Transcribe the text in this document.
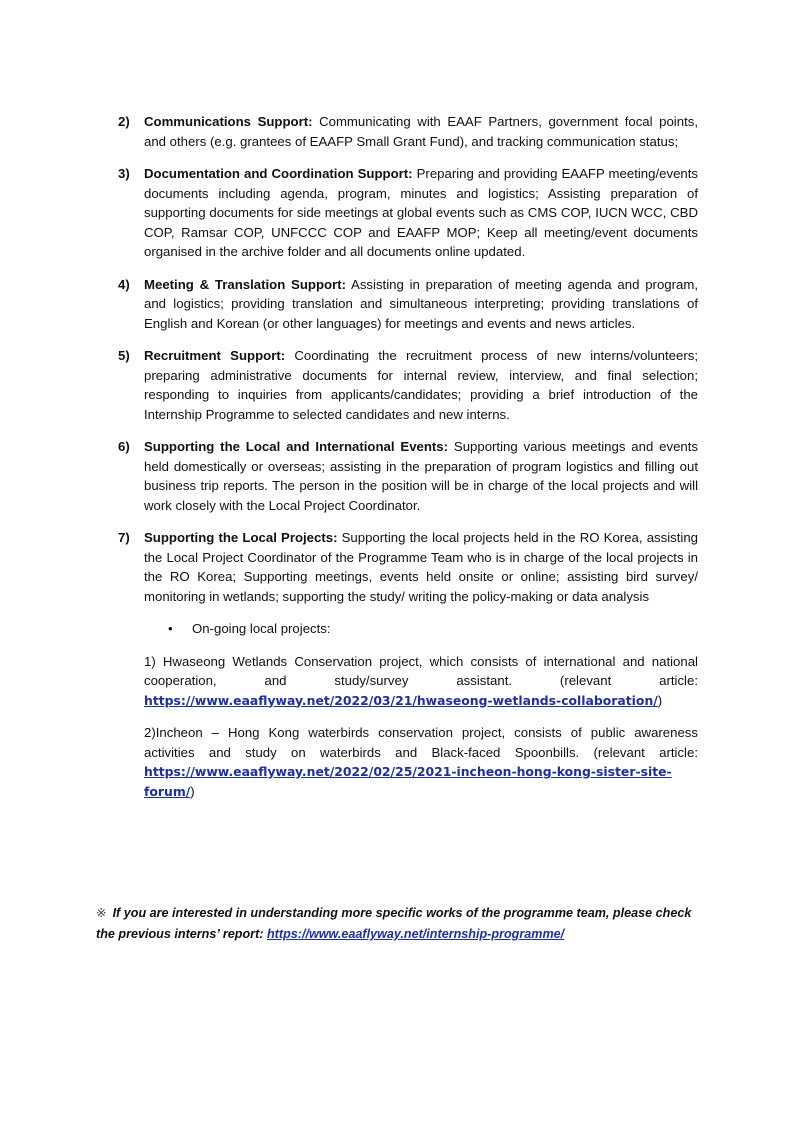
2) Communications Support: Communicating with EAAF Partners, government focal points, and others (e.g. grantees of EAAFP Small Grant Fund), and tracking communication status;
3) Documentation and Coordination Support: Preparing and providing EAAFP meeting/events documents including agenda, program, minutes and logistics; Assisting preparation of supporting documents for side meetings at global events such as CMS COP, IUCN WCC, CBD COP, Ramsar COP, UNFCCC COP and EAAFP MOP; Keep all meeting/event documents organised in the archive folder and all documents online updated.
4) Meeting & Translation Support: Assisting in preparation of meeting agenda and program, and logistics; providing translation and simultaneous interpreting; providing translations of English and Korean (or other languages) for meetings and events and news articles.
5) Recruitment Support: Coordinating the recruitment process of new interns/volunteers; preparing administrative documents for internal review, interview, and final selection; responding to inquiries from applicants/candidates; providing a brief introduction of the Internship Programme to selected candidates and new interns.
6) Supporting the Local and International Events: Supporting various meetings and events held domestically or overseas; assisting in the preparation of program logistics and filling out business trip reports. The person in the position will be in charge of the local projects and will work closely with the Local Project Coordinator.
7) Supporting the Local Projects: Supporting the local projects held in the RO Korea, assisting the Local Project Coordinator of the Programme Team who is in charge of the local projects in the RO Korea; Supporting meetings, events held onsite or online; assisting bird survey/ monitoring in wetlands; supporting the study/ writing the policy-making or data analysis
• On-going local projects:
1) Hwaseong Wetlands Conservation project, which consists of international and national cooperation, and study/survey assistant. (relevant article: https://www.eaaflyway.net/2022/03/21/hwaseong-wetlands-collaboration/)
2)Incheon – Hong Kong waterbirds conservation project, consists of public awareness activities and study on waterbirds and Black-faced Spoonbills. (relevant article: https://www.eaaflyway.net/2022/02/25/2021-incheon-hong-kong-sister-site-forum/)
※ If you are interested in understanding more specific works of the programme team, please check the previous interns’ report: https://www.eaaflyway.net/internship-programme/
